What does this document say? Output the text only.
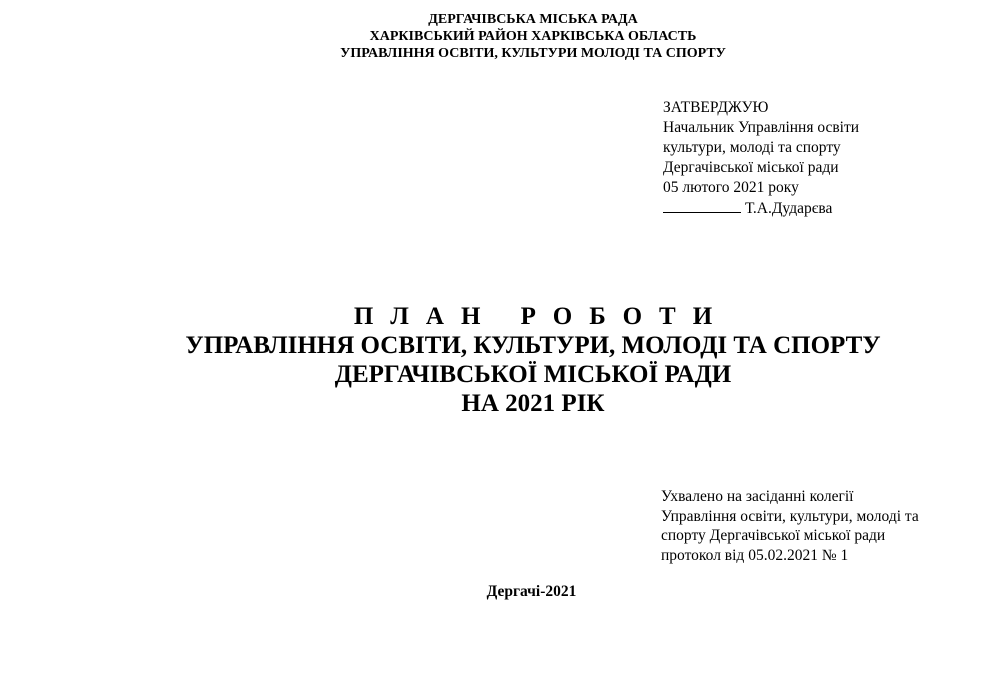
ДЕРГАЧІВСЬКА МІСЬКА РАДА
ХАРКІВСЬКИЙ РАЙОН ХАРКІВСЬКА ОБЛАСТЬ
УПРАВЛІННЯ ОСВІТИ, КУЛЬТУРИ МОЛОДІ ТА СПОРТУ
ЗАТВЕРДЖУЮ
Начальник Управління освіти
культури, молоді та спорту
Дергачівської міської ради
05 лютого 2021 року
Т.А.Дударєва
ПЛАН РОБОТИ
УПРАВЛІННЯ ОСВІТИ, КУЛЬТУРИ, МОЛОДІ ТА СПОРТУ
ДЕРГАЧІВСЬКОЇ МІСЬКОЇ РАДИ
НА 2021 РІК
Ухвалено на засіданні колегії
Управління освіти, культури, молоді та
спорту Дергачівської міської ради
протокол від 05.02.2021 № 1
Дергачі-2021
